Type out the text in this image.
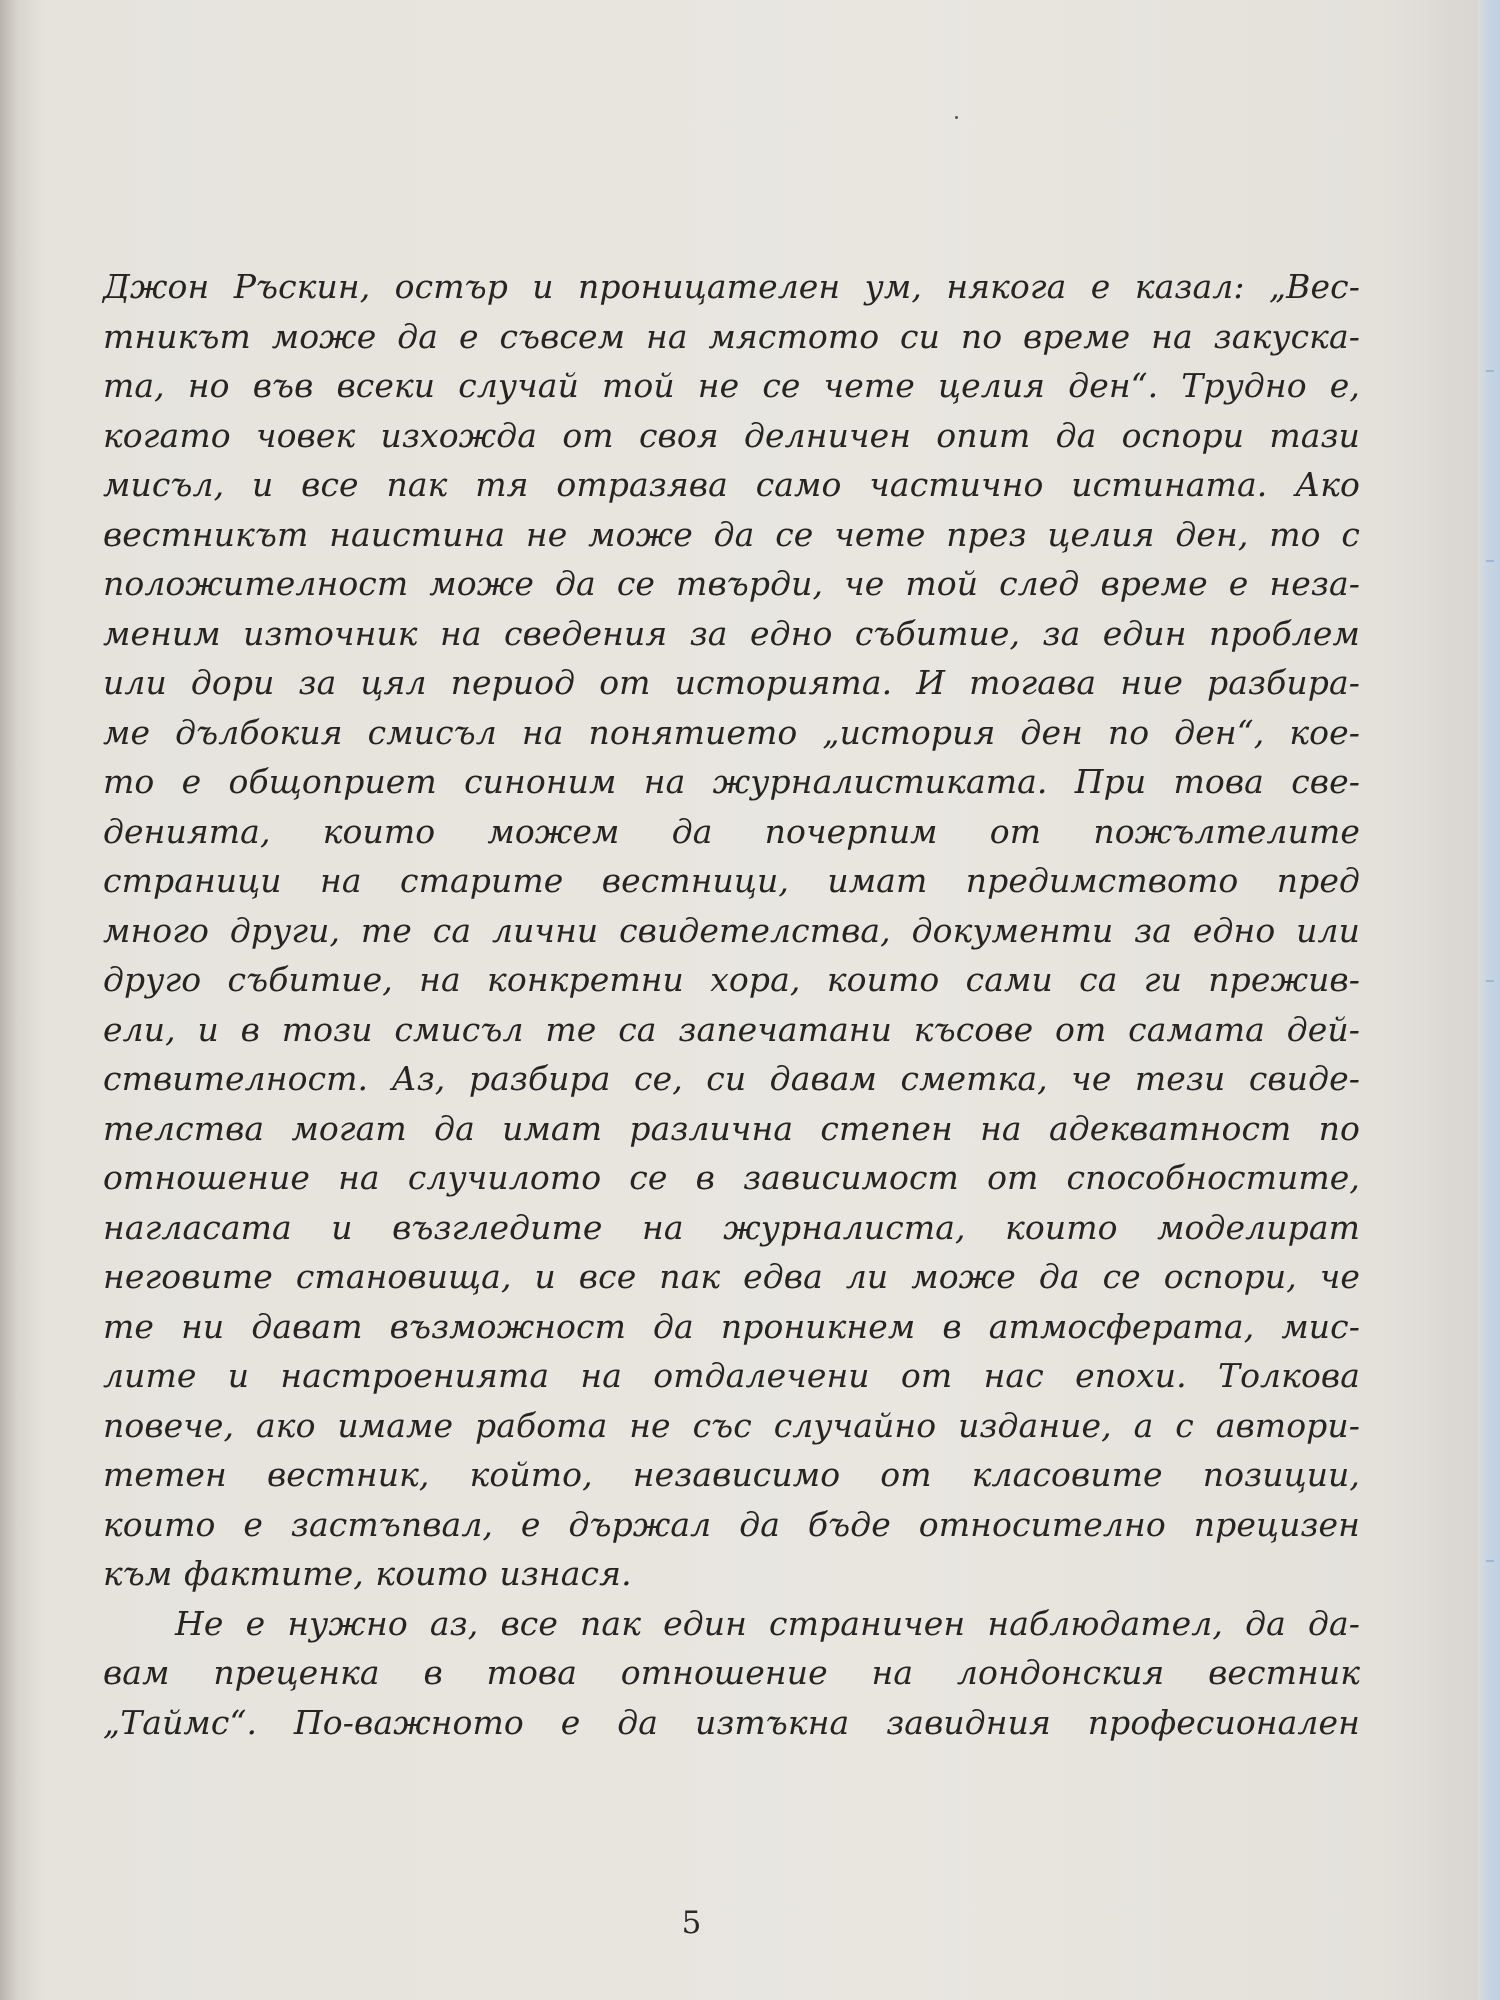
Джон Ръскин, остър и проницателен ум, някога е казал: „Вес-
тникът може да е съвсем на мястото си по време на закуска-
та, но във всеки случай той не се чете целия ден“. Трудно е,
когато човек изхожда от своя делничен опит да оспори тази
мисъл, и все пак тя отразява само частично истината. Ако
вестникът наистина не може да се чете през целия ден, то с
положителност може да се твърди, че той след време е неза-
меним източник на сведения за едно събитие, за един проблем
или дори за цял период от историята. И тогава ние разбира-
ме дълбокия смисъл на понятието „история ден по ден“, кое-
то е общоприет синоним на журналистиката. При това све-
денията, които можем да почерпим от пожълтелите
страници на старите вестници, имат предимството пред
много други, те са лични свидетелства, документи за едно или
друго събитие, на конкретни хора, които сами са ги прежив-
ели, и в този смисъл те са запечатани късове от самата дей-
ствителност. Аз, разбира се, си давам сметка, че тези свиде-
телства могат да имат различна степен на адекватност по
отношение на случилото се в зависимост от способностите,
нагласата и възгледите на журналиста, които моделират
неговите становища, и все пак едва ли може да се оспори, че
те ни дават възможност да проникнем в атмосферата, мис-
лите и настроенията на отдалечени от нас епохи. Толкова
повече, ако имаме работа не със случайно издание, а с автори-
тетен вестник, който, независимо от класовите позиции,
които е застъпвал, е държал да бъде относително прецизен
към фактите, които изнася.
Не е нужно аз, все пак един страничен наблюдател, да да-
вам преценка в това отношение на лондонския вестник
„Таймс“. По-важното е да изтъкна завидния професионален
5
